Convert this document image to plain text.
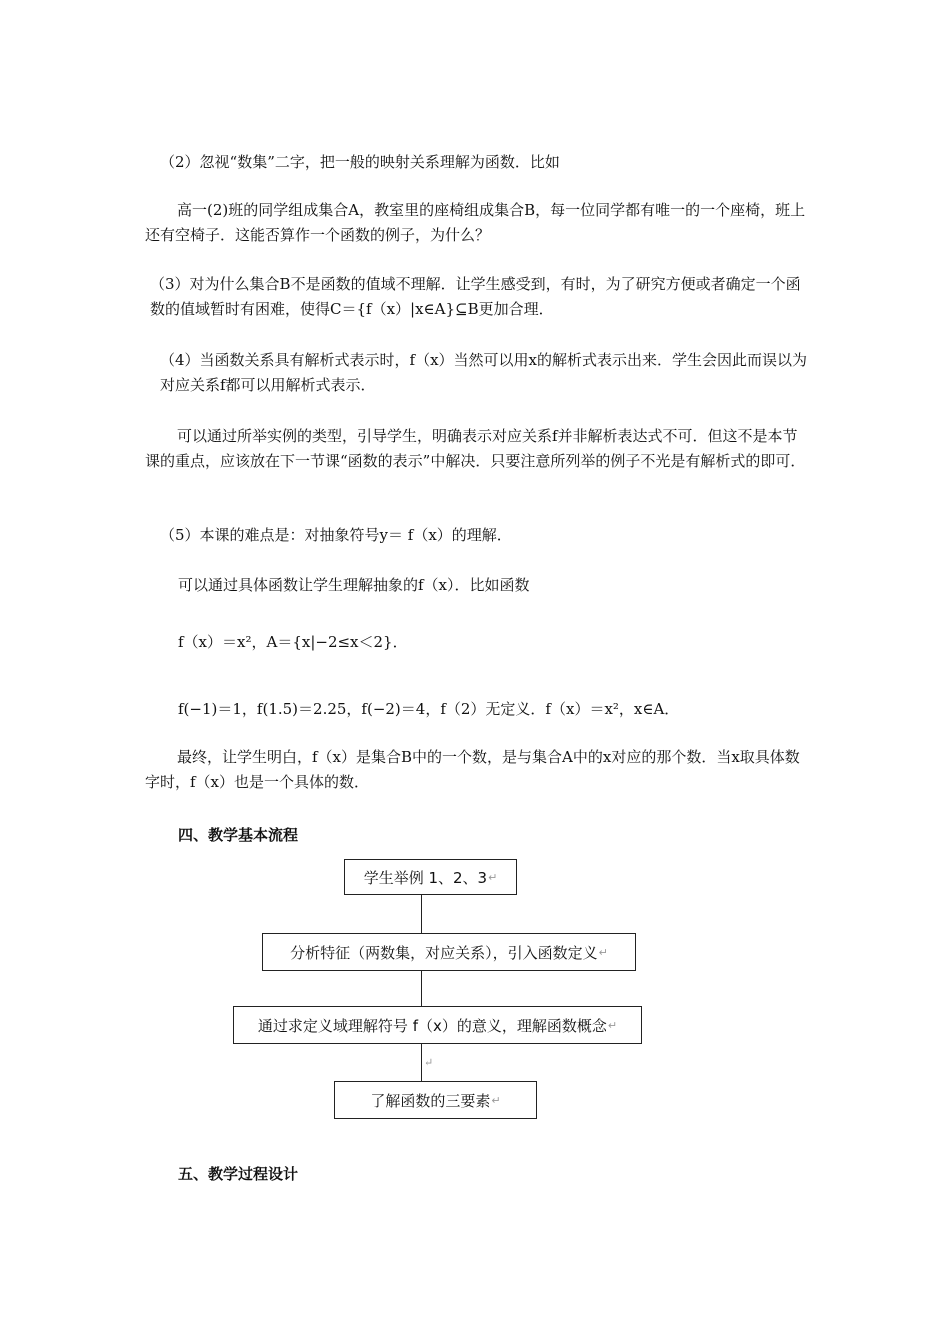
（2）忽视“数集”二字，把一般的映射关系理解为函数．比如

高一(2)班的同学组成集合A，教室里的座椅组成集合B，每一位同学都有唯一的一个座椅，班上还有空椅子．这能否算作一个函数的例子，为什么？

（3）对为什么集合B不是函数的值域不理解．让学生感受到，有时，为了研究方便或者确定一个函数的值域暂时有困难，使得C＝{f（x）|x∈A}⊆B更加合理．

（4）当函数关系具有解析式表示时，f（x）当然可以用x的解析式表示出来．学生会因此而误以为对应关系f都可以用解析式表示．

可以通过所举实例的类型，引导学生，明确表示对应关系f并非解析表达式不可．但这不是本节课的重点，应该放在下一节课“函数的表示”中解决．只要注意所列举的例子不光是有解析式的即可．

（5）本课的难点是：对抽象符号y＝ f（x）的理解．

可以通过具体函数让学生理解抽象的f（x）．比如函数

f（x）＝x²，A＝{x|−2≤x＜2}．

f(−1)＝1，f(1.5)＝2.25，f(−2)＝4，f（2）无定义．f（x）＝x²，x∈A．

最终，让学生明白，f（x）是集合B中的一个数，是与集合A中的x对应的那个数．当x取具体数字时，f（x）也是一个具体的数．

四、教学基本流程

学生举例 1、2、3 ↵
分析特征（两数集，对应关系），引入函数定义 ↵
通过求定义域理解符号 f（x）的意义，理解函数概念 ↵
↵
了解函数的三要素 ↵

五、教学过程设计
